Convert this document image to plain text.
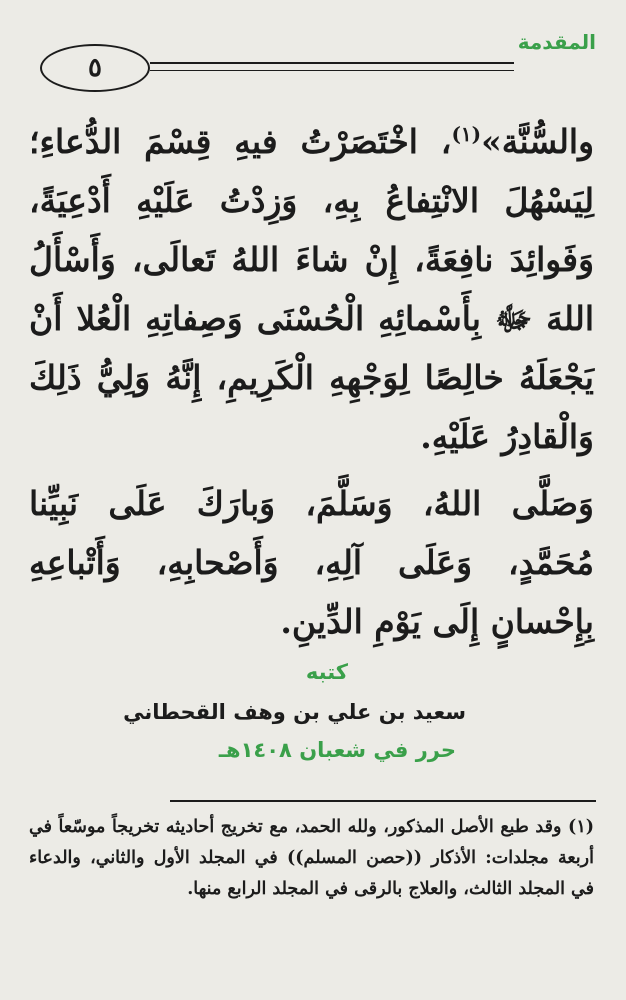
المقدمة
٥

والسُّنَّة»$^{(١)}$، اخْتَصَرْتُ فيهِ قِسْمَ الدُّعاءِ؛ لِيَسْهُلَ الانْتِفاعُ بِهِ، وَزِدْتُ عَلَيْهِ أَدْعِيَةً، وَفَوائِدَ نافِعَةً، إِنْ شاءَ اللهُ تَعالَى، وَأَسْأَلُ اللهَ ﷻ بِأَسْمائِهِ الْحُسْنَى وَصِفاتِهِ الْعُلا أَنْ يَجْعَلَهُ خالِصًا لِوَجْهِهِ الْكَرِيمِ، إِنَّهُ وَلِيُّ ذَلِكَ وَالْقادِرُ عَلَيْهِ.

وَصَلَّى اللهُ، وَسَلَّمَ، وَبارَكَ عَلَى نَبِيِّنا مُحَمَّدٍ، وَعَلَى آلِهِ، وَأَصْحابِهِ، وَأَتْباعِهِ بِإِحْسانٍ إِلَى يَوْمِ الدِّينِ.

كتبه
سعيد بن علي بن وهف القحطاني
حرر في شعبان ١٤٠٨هـ
(١) وقد طبع الأصل المذكور، ولله الحمد، مع تخريج أحاديثه تخريجاً موسّعاً في أربعة مجلدات: الأذكار ((حصن المسلم)) في المجلد الأول والثاني، والدعاء في المجلد الثالث، والعلاج بالرقى في المجلد الرابع منها.
